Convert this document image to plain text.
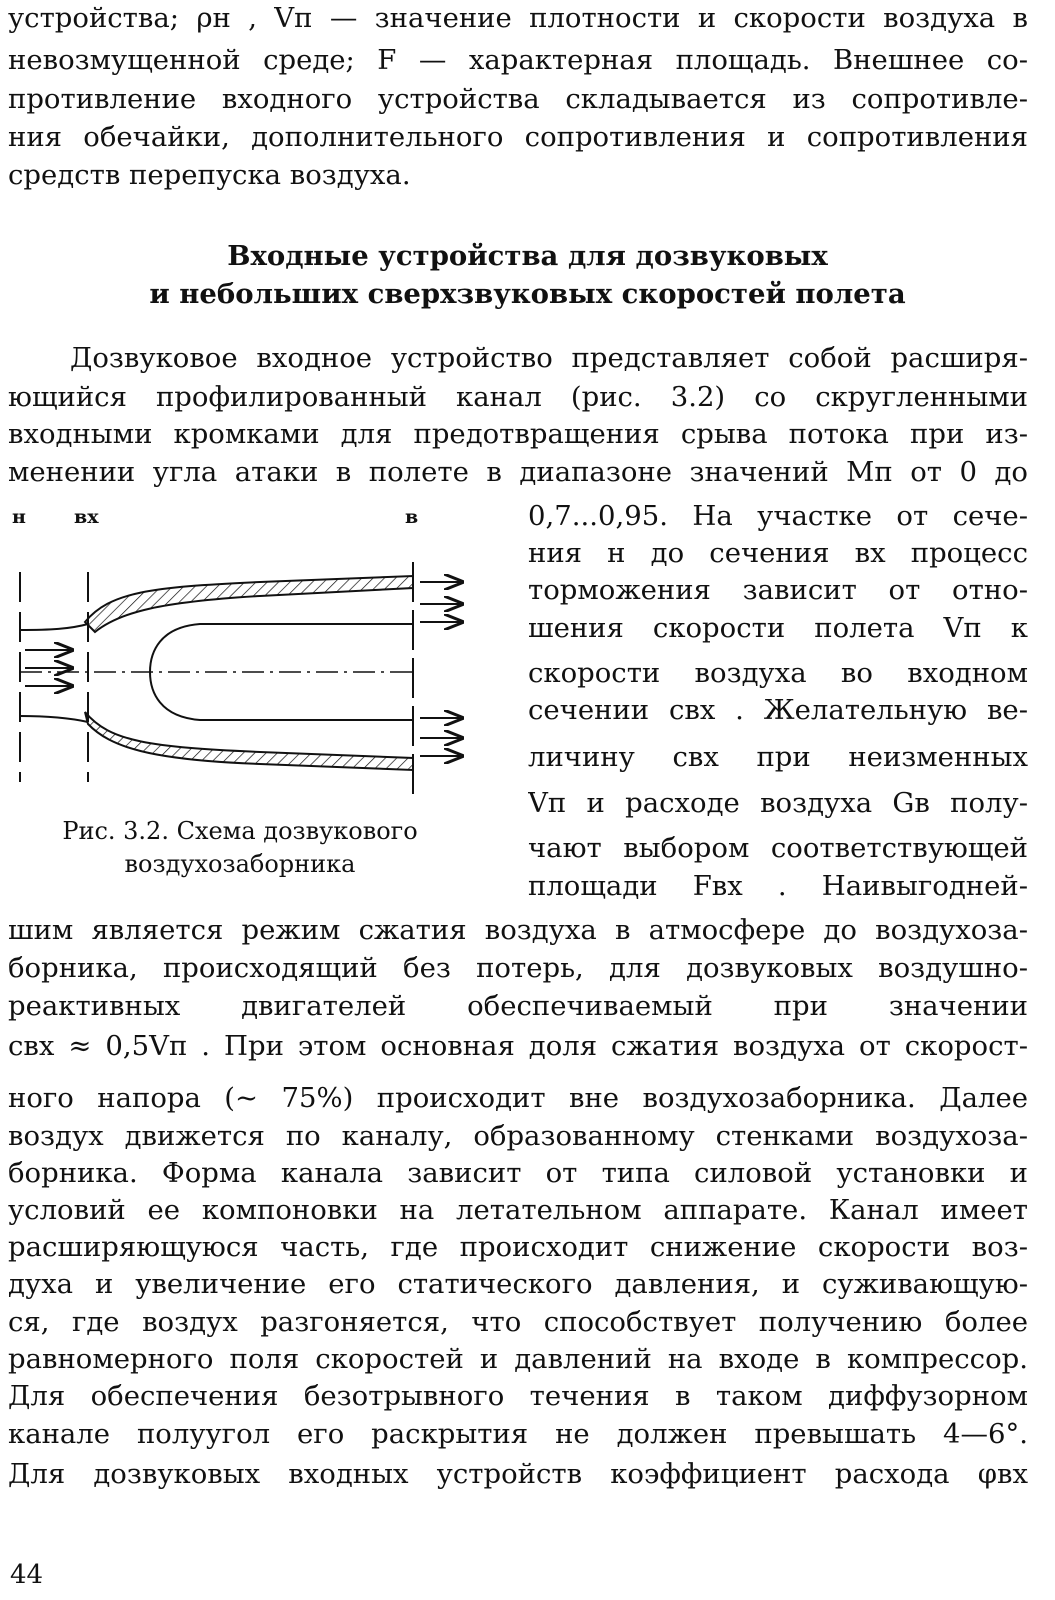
устройства; ρн , Vп — значение плотности и скорости воздуха в
невозмущенной среде; F — характерная площадь. Внешнее со-
противление входного устройства складывается из сопротивле-
ния обечайки, дополнительного сопротивления и сопротивления
средств перепуска воздуха.
Входные устройства для дозвуковых
и небольших сверхзвуковых скоростей полета
Дозвуковое входное устройство представляет собой расширя-
ющийся профилированный канал (рис. 3.2) со скругленными
входными кромками для предотвращения срыва потока при из-
менении угла атаки в полете в диапазоне значений Мп от 0 до
н	вх	в
Рис. 3.2. Схема дозвукового
воздухозаборника
0,7...0,95. На участке от сече-
ния н до сечения вх процесс
торможения зависит от отно-
шения скорости полета Vп к
скорости воздуха во входном
сечении свх . Желательную ве-
личину свх при неизменных
Vп и расходе воздуха Gв полу-
чают выбором соответствующей
площади Fвх . Наивыгодней-
шим является режим сжатия воздуха в атмосфере до воздухоза-
борника, происходящий без потерь, для дозвуковых воздушно-
реактивных двигателей обеспечиваемый при значении
свх ≈ 0,5Vп . При этом основная доля сжатия воздуха от скорост-
ного напора (~ 75%) происходит вне воздухозаборника. Далее
воздух движется по каналу, образованному стенками воздухоза-
борника. Форма канала зависит от типа силовой установки и
условий ее компоновки на летательном аппарате. Канал имеет
расширяющуюся часть, где происходит снижение скорости воз-
духа и увеличение его статического давления, и суживающую-
ся, где воздух разгоняется, что способствует получению более
равномерного поля скоростей и давлений на входе в компрессор.
Для обеспечения безотрывного течения в таком диффузорном
канале полуугол его раскрытия не должен превышать 4—6°.
Для дозвуковых входных устройств коэффициент расхода φвх
44
